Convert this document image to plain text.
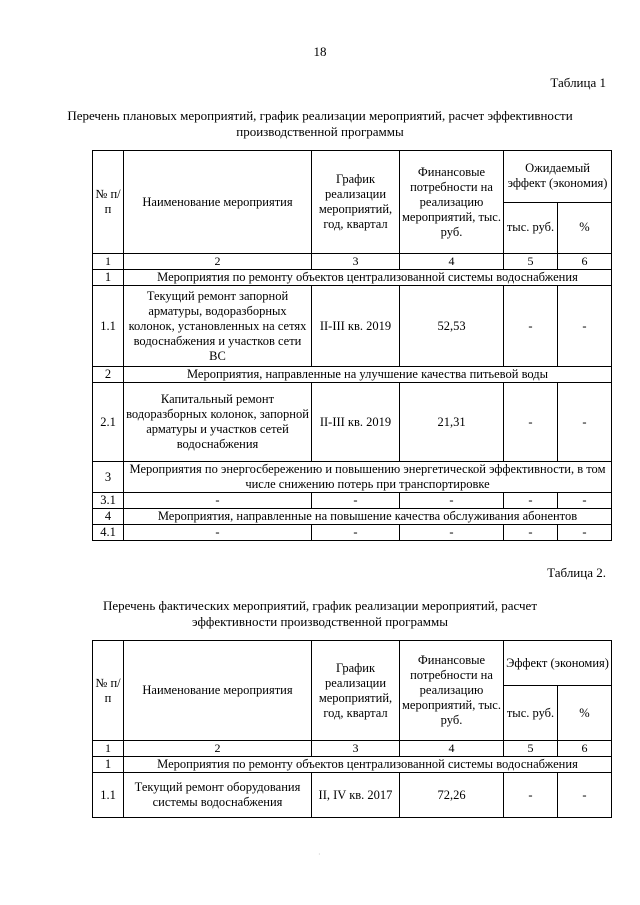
18
Таблица 1
Перечень плановых мероприятий, график реализации мероприятий, расчет эффективности производственной программы
№ п/ п	Наименование мероприятия	График реализации мероприятий, год, квартал	Финансовые потребности на реализацию мероприятий, тыс. руб.	Ожидаемый эффект (экономия)	
				тыс. руб.	%
1	2	3	4	5	6
1	Мероприятия по ремонту объектов централизованной системы водоснабжения				
1.1	Текущий ремонт запорной арматуры, водоразборных колонок, установленных на сетях водоснабжения и участков сети ВС	II-III кв. 2019	52,53	-	-
2	Мероприятия, направленные на улучшение качества питьевой воды				
2.1	Капитальный ремонт водоразборных колонок, запорной арматуры и участков сетей водоснабжения	II-III кв. 2019	21,31	-	-
3	Мероприятия по энергосбережению и повышению энергетической эффективности, в том числе снижению потерь при транспортировке				
3.1	-	-	-	-	-
4	Мероприятия, направленные на повышение качества обслуживания абонентов				
4.1	-	-	-	-	-
Таблица 2.
Перечень фактических мероприятий, график реализации мероприятий, расчет эффективности производственной программы
№ п/ п	Наименование мероприятия	График реализации мероприятий, год, квартал	Финансовые потребности на реализацию мероприятий, тыс. руб.	Эффект (экономия)	
				тыс. руб.	%
1	2	3	4	5	6
1	Мероприятия по ремонту объектов централизованной системы водоснабжения				
1.1	Текущий ремонт оборудования системы водоснабжения	II, IV кв. 2017	72,26	-	-
·
